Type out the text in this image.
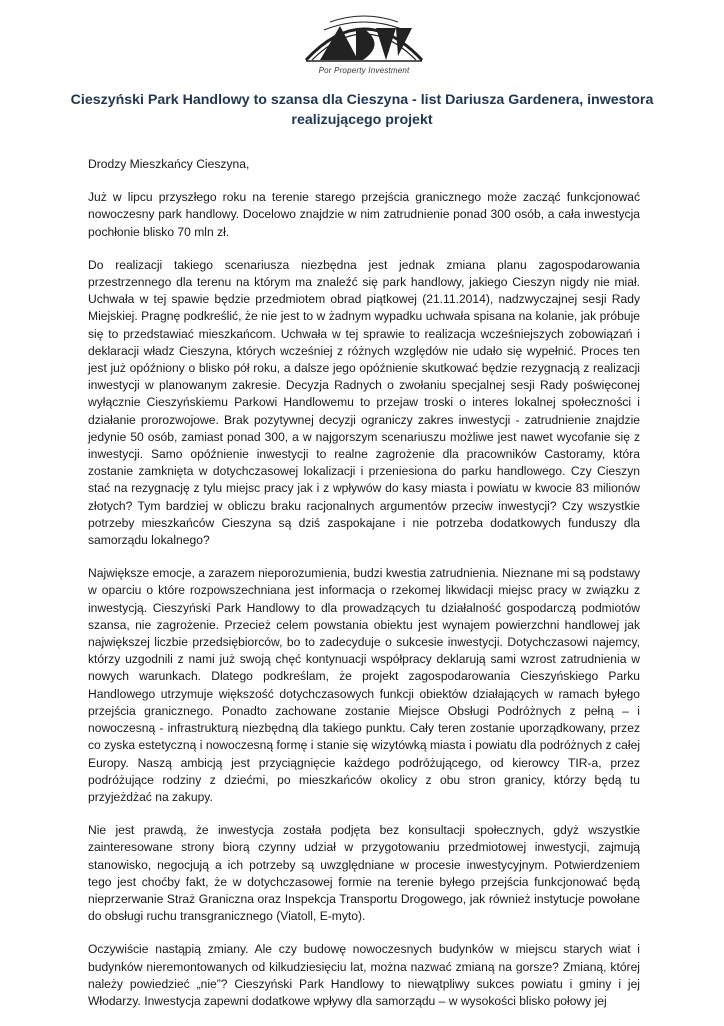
Por Property Investment
Cieszyński Park Handlowy to szansa dla Cieszyna - list Dariusza Gardenera, inwestora realizującego projekt

Drodzy Mieszkańcy Cieszyna,

Już w lipcu przyszłego roku na terenie starego przejścia granicznego może zacząć funkcjonować nowoczesny park handlowy. Docelowo znajdzie w nim zatrudnienie ponad 300 osób, a cała inwestycja pochłonie blisko 70 mln zł.

Do realizacji takiego scenariusza niezbędna jest jednak zmiana planu zagospodarowania przestrzennego dla terenu na którym ma znaleźć się park handlowy, jakiego Cieszyn nigdy nie miał. Uchwała w tej spawie będzie przedmiotem obrad piątkowej (21.11.2014), nadzwyczajnej sesji Rady Miejskiej. Pragnę podkreślić, że nie jest to w żadnym wypadku uchwała spisana na kolanie, jak próbuje się to przedstawiać mieszkańcom. Uchwała w tej sprawie to realizacja wcześniejszych zobowiązań i deklaracji władz Cieszyna, których wcześniej z różnych względów nie udało się wypełnić. Proces ten jest już opóźniony o blisko pół roku, a dalsze jego opóźnienie skutkować będzie rezygnacją z realizacji inwestycji w planowanym zakresie. Decyzja Radnych o zwołaniu specjalnej sesji Rady poświęconej wyłącznie Cieszyńskiemu Parkowi Handlowemu to przejaw troski o interes lokalnej społeczności i działanie prorozwojowe. Brak pozytywnej decyzji ograniczy zakres inwestycji - zatrudnienie znajdzie jedynie 50 osób, zamiast ponad 300, a w najgorszym scenariuszu możliwe jest nawet wycofanie się z inwestycji. Samo opóźnienie inwestycji to realne zagrożenie dla pracowników Castoramy, która zostanie zamknięta w dotychczasowej lokalizacji i przeniesiona do parku handlowego. Czy Cieszyn stać na rezygnację z tylu miejsc pracy jak i z wpływów do kasy miasta i powiatu w kwocie 83 milionów złotych? Tym bardziej w obliczu braku racjonalnych argumentów przeciw inwestycji? Czy wszystkie potrzeby mieszkańców Cieszyna są dziś zaspokajane i nie potrzeba dodatkowych funduszy dla samorządu lokalnego?

Największe emocje, a zarazem nieporozumienia, budzi kwestia zatrudnienia. Nieznane mi są podstawy w oparciu o które rozpowszechniana jest informacja o rzekomej likwidacji miejsc pracy w związku z inwestycją. Cieszyński Park Handlowy to dla prowadzących tu działalność gospodarczą podmiotów szansa, nie zagrożenie. Przecież celem powstania obiektu jest wynajem powierzchni handlowej jak największej liczbie przedsiębiorców, bo to zadecyduje o sukcesie inwestycji. Dotychczasowi najemcy, którzy uzgodnili z nami już swoją chęć kontynuacji współpracy deklarują sami wzrost zatrudnienia w nowych warunkach. Dlatego podkreślam, że projekt zagospodarowania Cieszyńskiego Parku Handlowego utrzymuje większość dotychczasowych funkcji obiektów działających w ramach byłego przejścia granicznego. Ponadto zachowane zostanie Miejsce Obsługi Podróżnych z pełną – i nowoczesną - infrastrukturą niezbędną dla takiego punktu. Cały teren zostanie uporządkowany, przez co zyska estetyczną i nowoczesną formę i stanie się wizytówką miasta i powiatu dla podróżnych z całej Europy. Naszą ambicją jest przyciągnięcie każdego podróżującego, od kierowcy TIR-a, przez podróżujące rodziny z dziećmi, po mieszkańców okolicy z obu stron granicy, którzy będą tu przyjeżdżać na zakupy.

Nie jest prawdą, że inwestycja została podjęta bez konsultacji społecznych, gdyż wszystkie zainteresowane strony biorą czynny udział w przygotowaniu przedmiotowej inwestycji, zajmują stanowisko, negocjują a ich potrzeby są uwzględniane w procesie inwestycyjnym. Potwierdzeniem tego jest choćby fakt, że w dotychczasowej formie na terenie byłego przejścia funkcjonować będą nieprzerwanie Straż Graniczna oraz Inspekcja Transportu Drogowego, jak również instytucje powołane do obsługi ruchu transgranicznego (Viatoll, E-myto).

Oczywiście nastąpią zmiany. Ale czy budowę nowoczesnych budynków w miejscu starych wiat i budynków nieremontowanych od kilkudziesięciu lat, można nazwać zmianą na gorsze? Zmianą, której należy powiedzieć „nie”? Cieszyński Park Handlowy to niewątpliwy sukces powiatu i gminy i jej Włodarzy. Inwestycja zapewni dodatkowe wpływy dla samorządu – w wysokości blisko połowy jej
